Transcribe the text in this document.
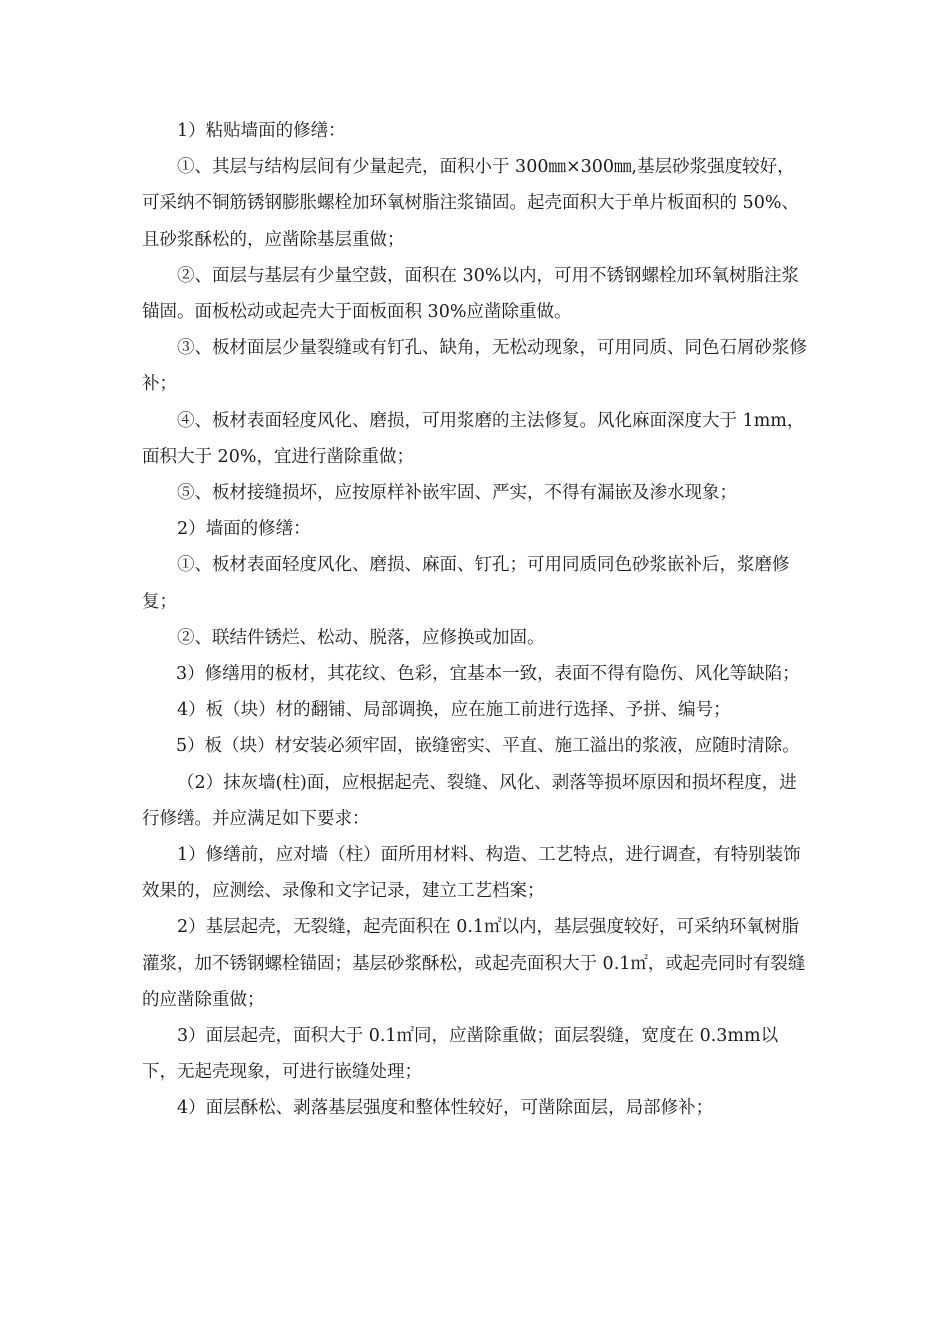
1）粘贴墙面的修缮：

①、其层与结构层间有少量起壳，面积小于 300㎜×300㎜,基层砂浆强度较好，可采纳不铜筋锈钢膨胀螺栓加环氧树脂注浆锚固。起壳面积大于单片板面积的 50%、且砂浆酥松的，应凿除基层重做；

②、面层与基层有少量空鼓，面积在 30%以内，可用不锈钢螺栓加环氧树脂注浆锚固。面板松动或起壳大于面板面积 30%应凿除重做。

③、板材面层少量裂缝或有钉孔、缺角，无松动现象，可用同质、同色石屑砂浆修补；

④、板材表面轻度风化、磨损，可用浆磨的主法修复。风化麻面深度大于 1mm，面积大于 20%，宜进行凿除重做；

⑤、板材接缝损坏，应按原样补嵌牢固、严实，不得有漏嵌及渗水现象；

2）墙面的修缮：

①、板材表面轻度风化、磨损、麻面、钉孔；可用同质同色砂浆嵌补后，浆磨修复；

②、联结件锈烂、松动、脱落，应修换或加固。

3）修缮用的板材，其花纹、色彩，宜基本一致，表面不得有隐伤、风化等缺陷；

4）板（块）材的翻铺、局部调换，应在施工前进行选择、予拼、编号；

5）板（块）材安装必须牢固，嵌缝密实、平直、施工溢出的浆液，应随时清除。

（2）抹灰墙(柱)面，应根据起壳、裂缝、风化、剥落等损坏原因和损坏程度，进行修缮。并应满足如下要求：

1）修缮前，应对墙（柱）面所用材料、构造、工艺特点，进行调查，有特别装饰效果的，应测绘、录像和文字记录，建立工艺档案；

2）基层起壳，无裂缝，起壳面积在 0.1㎡以内，基层强度较好，可采纳环氧树脂灌浆，加不锈钢螺栓锚固；基层砂浆酥松，或起壳面积大于 0.1㎡，或起壳同时有裂缝的应凿除重做；

3）面层起壳，面积大于 0.1㎡同，应凿除重做；面层裂缝，宽度在 0.3mm以下，无起壳现象，可进行嵌缝处理；

4）面层酥松、剥落基层强度和整体性较好，可凿除面层，局部修补；
